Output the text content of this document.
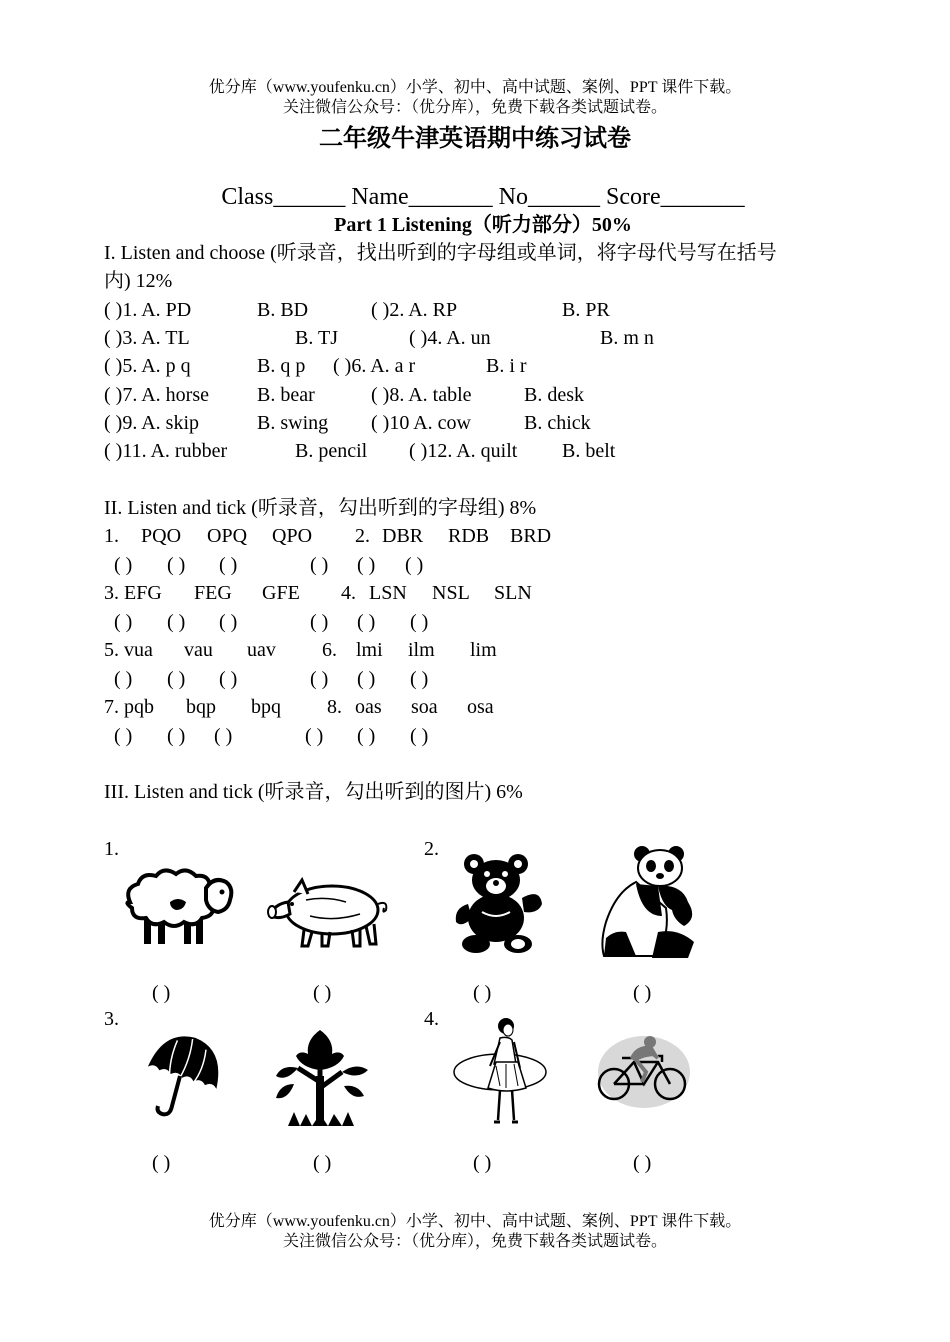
优分库（www.youfenku.cn）小学、初中、高中试题、案例、PPT 课件下载。
关注微信公众号：（优分库），免费下载各类试题试卷。
二年级牛津英语期中练习试卷
Class______ Name_______ No______ Score_______
Part 1 Listening（听力部分）50%
I. Listen and choose (听录音，找出听到的字母组或单词，将字母代号写在括号
内) 12%
( )1. A. PD	B. BD	( )2. A. RP	B. PR
( )3. A. TL	B. TJ	( )4. A. un	B. m n
( )5. A. p q	B. q p ( )6. A. a r	B. i r
( )7. A. horse B. bear	( )8. A. table	B. desk
( )9. A. skip	B. swing ( )10 A. cow	B. chick
( )11. A. rubber	B. pencil ( )12. A. quilt B. belt
II. Listen and tick (听录音，勾出听到的字母组) 8%
1. PQO OPQ QPO 2. DBR RDB BRD
( ) ( ) ( )	( ) ( ) ( )
3. EFG FEG GFE 4. LSN NSL SLN
( ) ( ) ( )	( ) ( ) ( )
5. vua vau uav 6. lmi ilm lim
( ) ( ) ( )	( ) ( ) ( )
7. pqb bqp bpq 8. oas soa osa
( ) ( ) ( )	( ) ( ) ( )
III. Listen and tick (听录音，勾出听到的图片) 6%
1.	2.
3.	4.
( )	( )	( )	( )
( )	( )	( )	( )
优分库（www.youfenku.cn）小学、初中、高中试题、案例、PPT 课件下载。
关注微信公众号：（优分库），免费下载各类试题试卷。
